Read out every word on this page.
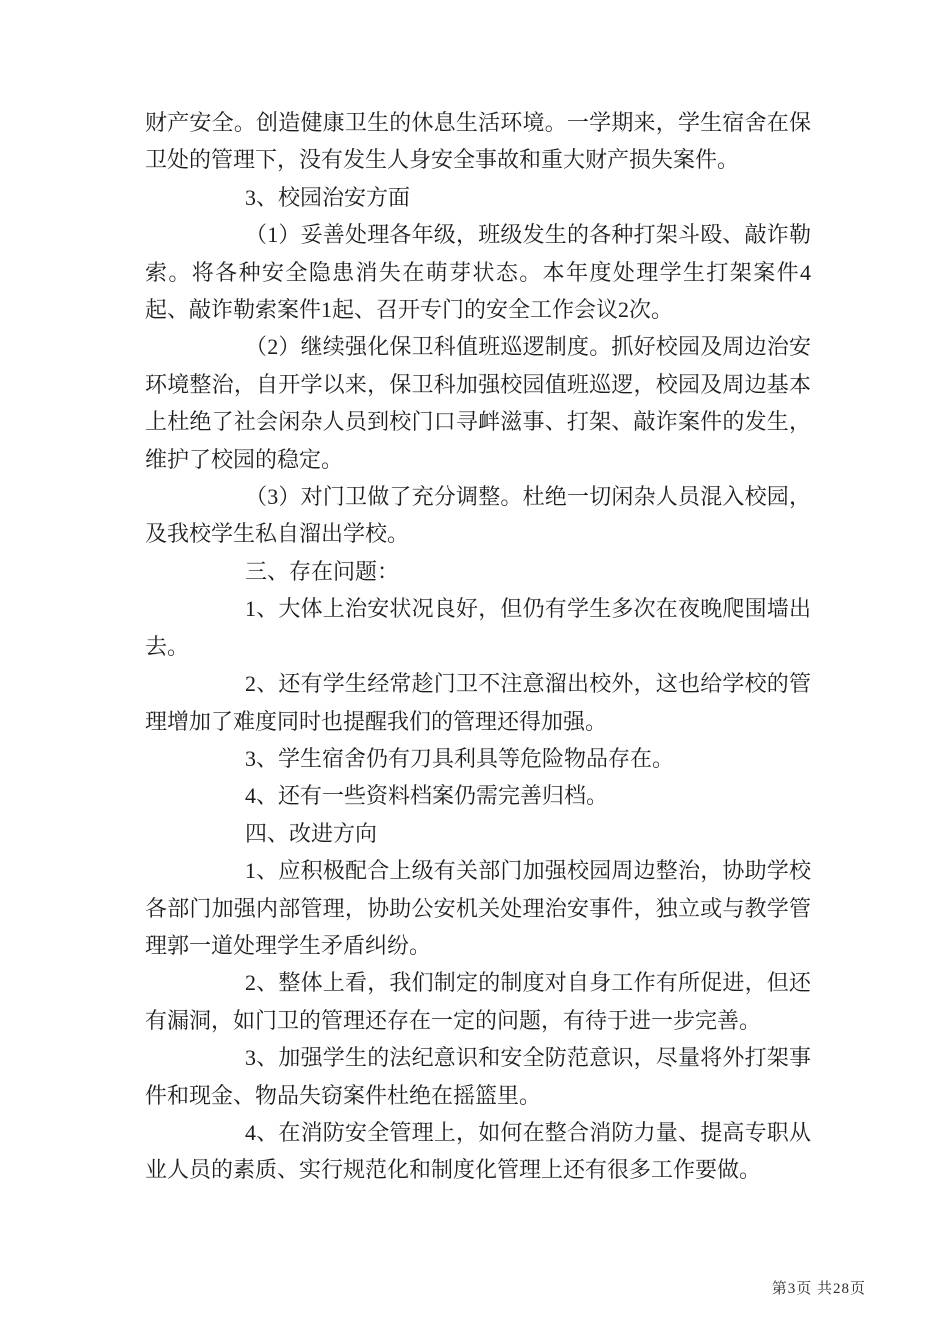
财产安全。创造健康卫生的休息生活环境。一学期来，学生宿舍在保卫处的管理下，没有发生人身安全事故和重大财产损失案件。

3、校园治安方面

（1）妥善处理各年级，班级发生的各种打架斗殴、敲诈勒索。将各种安全隐患消失在萌芽状态。本年度处理学生打架案件4起、敲诈勒索案件1起、召开专门的安全工作会议2次。

（2）继续强化保卫科值班巡逻制度。抓好校园及周边治安环境整治，自开学以来，保卫科加强校园值班巡逻，校园及周边基本上杜绝了社会闲杂人员到校门口寻衅滋事、打架、敲诈案件的发生，维护了校园的稳定。

（3）对门卫做了充分调整。杜绝一切闲杂人员混入校园，及我校学生私自溜出学校。

三、存在问题：

1、大体上治安状况良好，但仍有学生多次在夜晚爬围墙出去。

2、还有学生经常趁门卫不注意溜出校外，这也给学校的管理增加了难度同时也提醒我们的管理还得加强。

3、学生宿舍仍有刀具利具等危险物品存在。

4、还有一些资料档案仍需完善归档。

四、改进方向

1、应积极配合上级有关部门加强校园周边整治，协助学校各部门加强内部管理，协助公安机关处理治安事件，独立或与教学管理郭一道处理学生矛盾纠纷。

2、整体上看，我们制定的制度对自身工作有所促进，但还有漏洞，如门卫的管理还存在一定的问题，有待于进一步完善。

3、加强学生的法纪意识和安全防范意识，尽量将外打架事件和现金、物品失窃案件杜绝在摇篮里。

4、在消防安全管理上，如何在整合消防力量、提高专职从业人员的素质、实行规范化和制度化管理上还有很多工作要做。

第3页 共28页
